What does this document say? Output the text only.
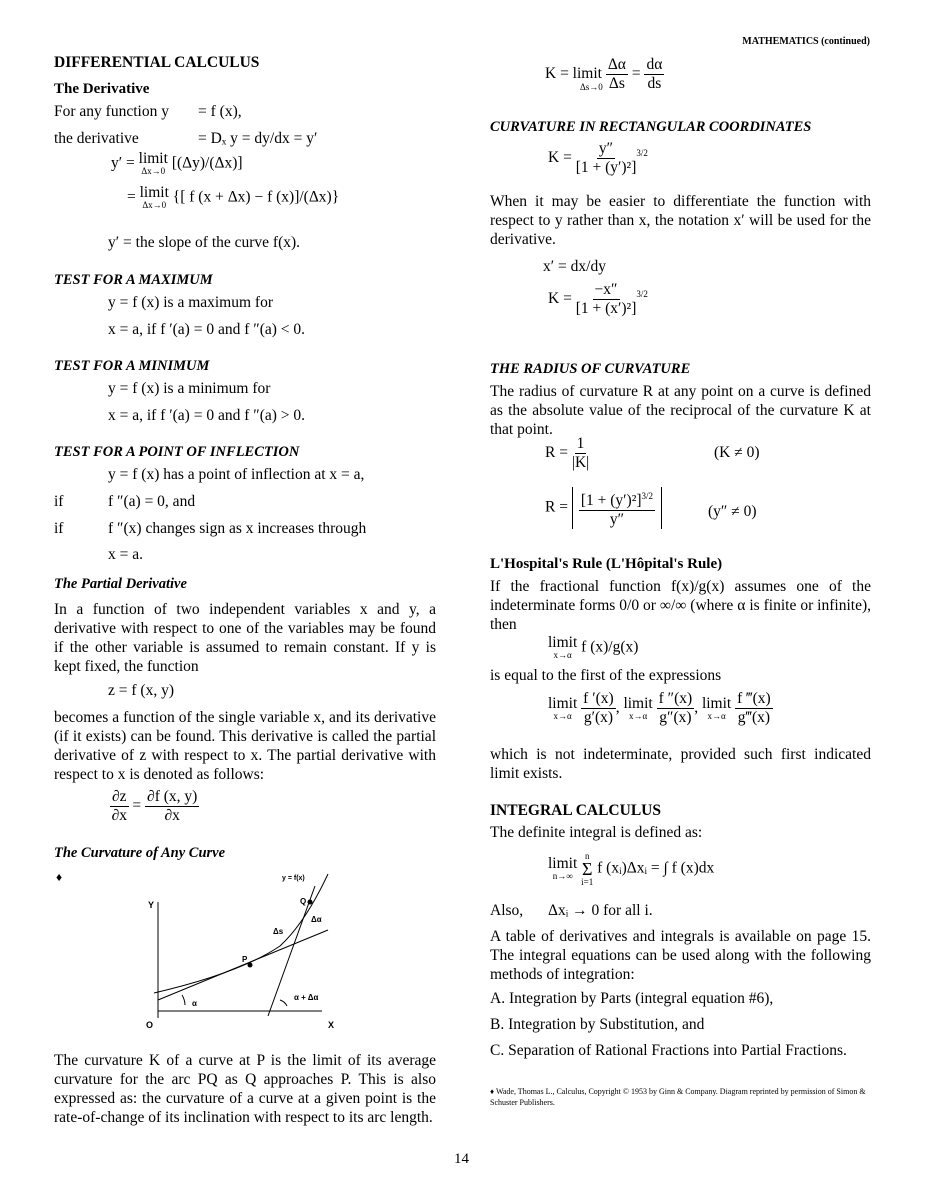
MATHEMATICS (continued)
DIFFERENTIAL CALCULUS
The Derivative
For any function y = f (x),
the derivative	= Dₓ y = dy/dx = y′
y′ = limit
Δx→0 [(Δy)/(Δx)]
= limit
Δx→0 {[ f (x + Δx) − f (x)]/(Δx)}
y′ = the slope of the curve f(x).
TEST FOR A MAXIMUM
y = f (x) is a maximum for
x = a, if f ′(a) = 0 and f ″(a) < 0.
TEST FOR A MINIMUM
y = f (x) is a minimum for
x = a, if f ′(a) = 0 and f ″(a) > 0.
TEST FOR A POINT OF INFLECTION
y = f (x) has a point of inflection at x = a,
if	f ″(a) = 0, and
if	f ″(x) changes sign as x increases through
x = a.
The Partial Derivative
In a function of two independent variables x and y, a derivative with respect to one of the variables may be found if the other variable is assumed to remain constant. If y is kept fixed, the function
z = f (x, y)
becomes a function of the single variable x, and its derivative (if it exists) can be found. This derivative is called the partial derivative of z with respect to x. The partial derivative with respect to x is denoted as follows:
$\frac{\partial z}{\partial x} = \frac{\partial f (x, y)}{\partial x}$
The Curvature of Any Curve
♦	y = f(x)
Y
X
O
P
Q
Δs
Δα
α
α + Δα
The curvature K of a curve at P is the limit of its average curvature for the arc PQ as Q approaches P. This is also expressed as: the curvature of a curve at a given point is the rate-of-change of its inclination with respect to its arc length.
K = limit $\frac{\Delta\alpha}{\Delta s} = \frac{d\alpha}{ds}$
Δs→0
CURVATURE IN RECTANGULAR COORDINATES
$K = \frac{y''}{\text{[1 + (y′)²]}} ^{3/2}$
When it may be easier to differentiate the function with respect to y rather than x, the notation x′ will be used for the derivative.
x′ = dx/dy
$K = \frac{-x''}{\text{[1 + (x′)²]}} ^{3/2}$
THE RADIUS OF CURVATURE
The radius of curvature R at any point on a curve is defined as the absolute value of the reciprocal of the curvature K at that point.
$R = \frac{1}{|K|}$	(K ≠ 0)
$R = \frac{[1 + (y')^2]^{3/2}}{y''}$	(y″ ≠ 0)
L'Hospital's Rule (L'Hôpital's Rule)
If the fractional function f(x)/g(x) assumes one of the indeterminate forms 0/0 or ∞/∞ (where α is finite or infinite), then
limit
x→α f (x)/g(x)
is equal to the first of the expressions
limit
x→α
$\frac{f '(x)}{g'(x)}$ , limit
x→α
$\frac{f ''(x)}{g''(x)}$ , limit
x→α
$\frac{f ‴(x)}{g‴(x)}$
which is not indeterminate, provided such first indicated limit exists.
INTEGRAL CALCULUS
The definite integral is defined as:
limit
n→∞

n
Σ
i=1
f (xᵢ)Δxᵢ = ∫ f (x)dx
Also, Δxᵢ → 0 for all i.
A table of derivatives and integrals is available on page 15. The integral equations can be used along with the following methods of integration:
A. Integration by Parts (integral equation #6),
B. Integration by Substitution, and
C. Separation of Rational Fractions into Partial Fractions.
♦ Wade, Thomas L., Calculus, Copyright © 1953 by Ginn & Company. Diagram reprinted by permission of Simon & Schuster Publishers.
14
